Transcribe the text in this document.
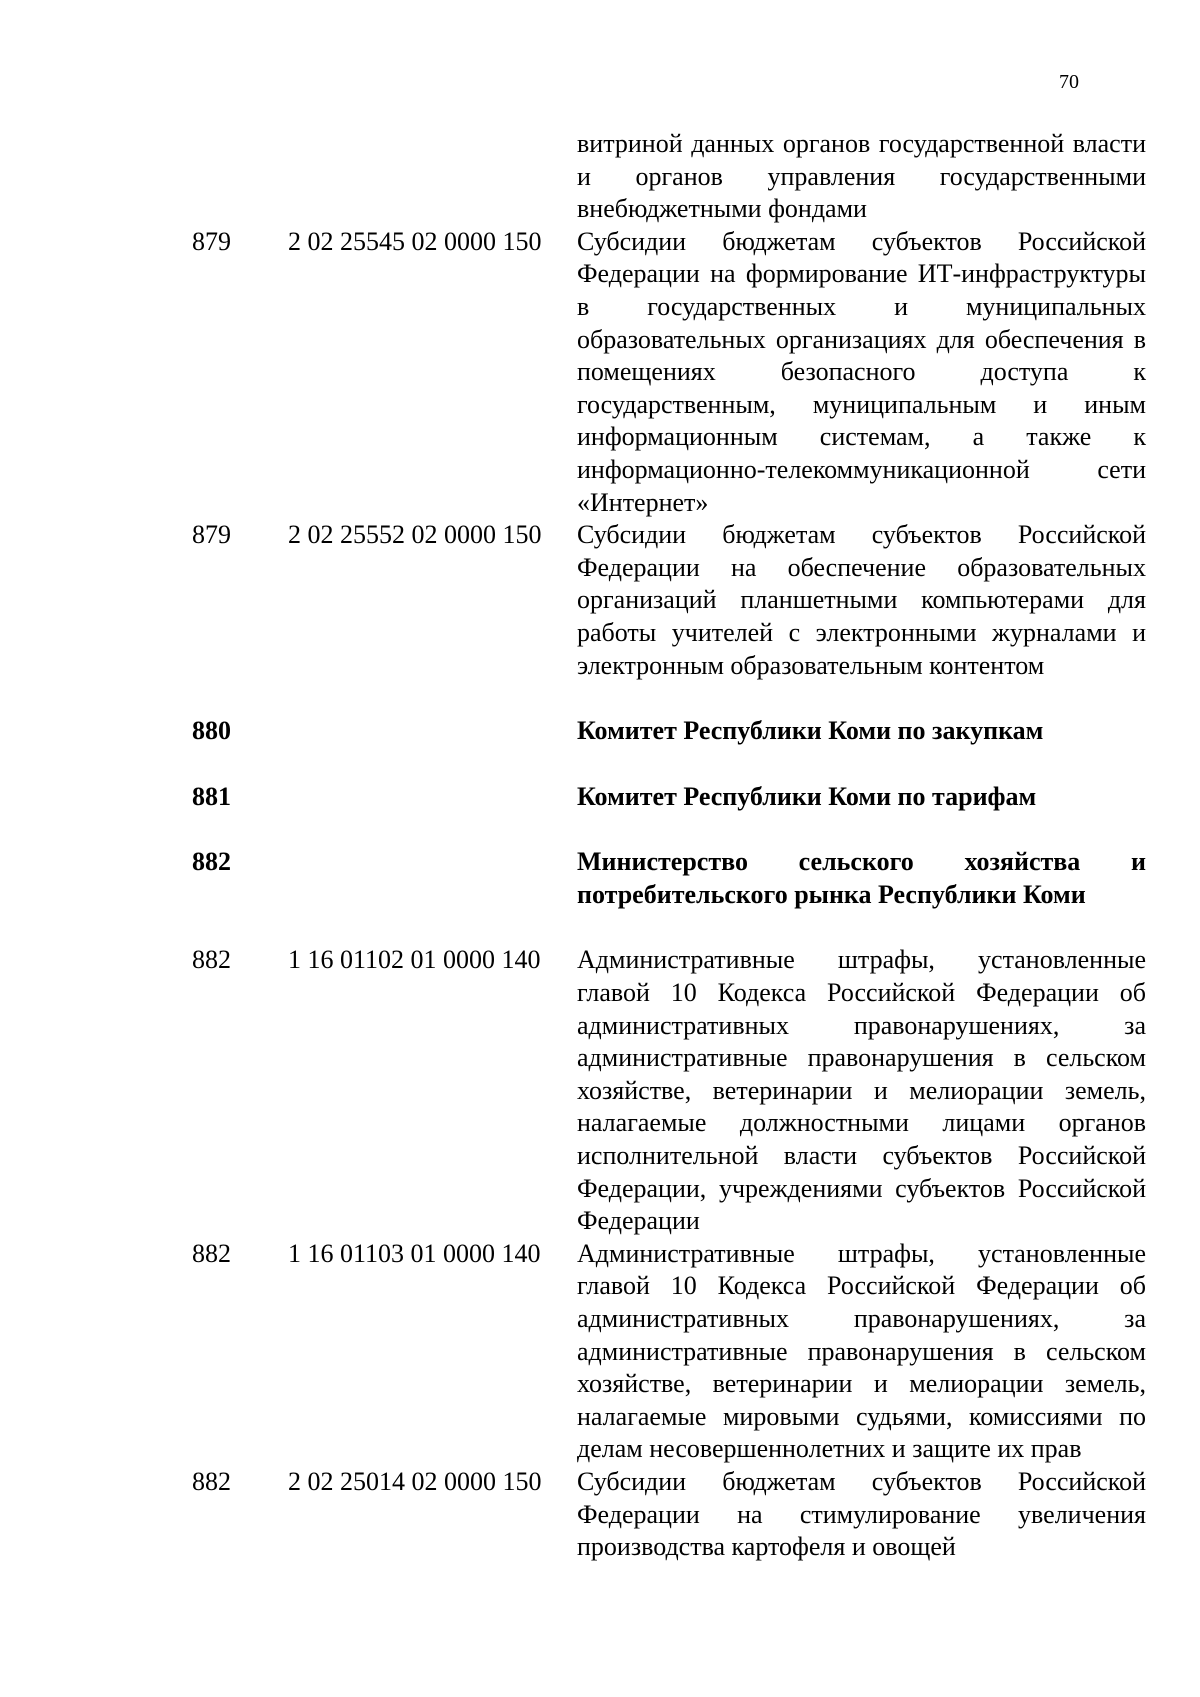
70
витриной данных органов государственной власти и органов управления государственными внебюджетными фондами
879	2 02 25545 02 0000 150	Субсидии бюджетам субъектов Российской Федерации на формирование ИТ-инфраструктуры в государственных и муниципальных образовательных организациях для обеспечения в помещениях безопасного доступа к государственным, муниципальным и иным информационным системам, а также к информационно-телекоммуникационной сети «Интернет»
879	2 02 25552 02 0000 150	Субсидии бюджетам субъектов Российской Федерации на обеспечение образовательных организаций планшетными компьютерами для работы учителей с электронными журналами и электронным образовательным контентом
880	Комитет Республики Коми по закупкам
881	Комитет Республики Коми по тарифам
882	Министерство сельского хозяйства и потребительского рынка Республики Коми
882	1 16 01102 01 0000 140	Административные штрафы, установленные главой 10 Кодекса Российской Федерации об административных правонарушениях, за административные правонарушения в сельском хозяйстве, ветеринарии и мелиорации земель, налагаемые должностными лицами органов исполнительной власти субъектов Российской Федерации, учреждениями субъектов Российской Федерации
882	1 16 01103 01 0000 140	Административные штрафы, установленные главой 10 Кодекса Российской Федерации об административных правонарушениях, за административные правонарушения в сельском хозяйстве, ветеринарии и мелиорации земель, налагаемые мировыми судьями, комиссиями по делам несовершеннолетних и защите их прав
882	2 02 25014 02 0000 150	Субсидии бюджетам субъектов Российской Федерации на стимулирование увеличения производства картофеля и овощей
